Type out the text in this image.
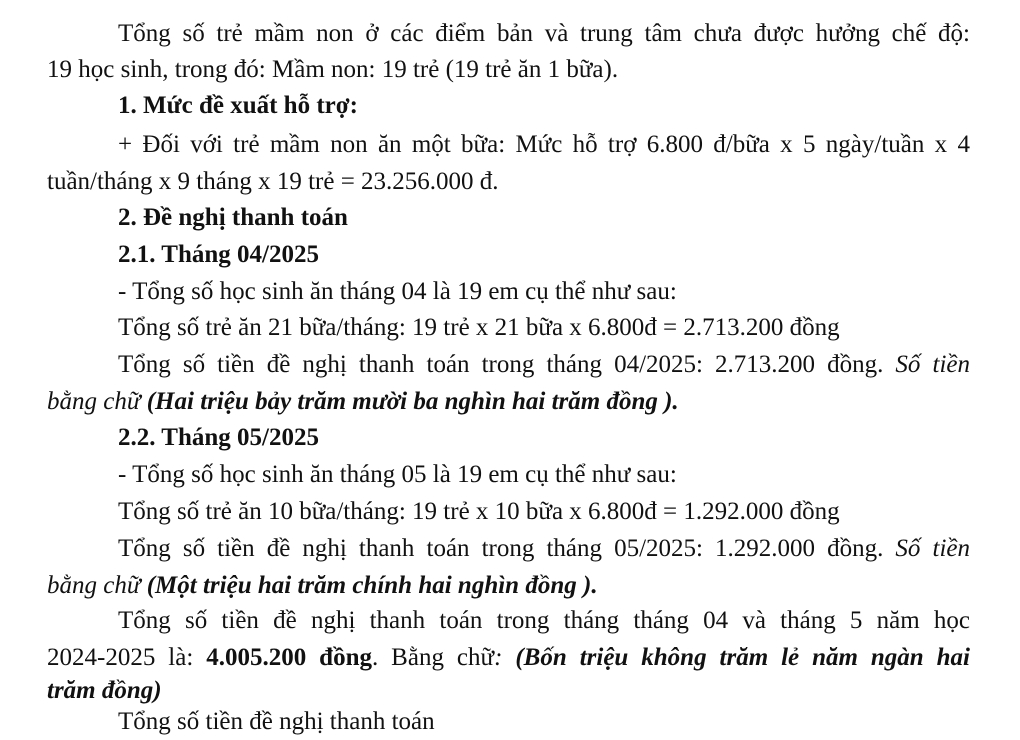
Tổng số trẻ mầm non ở các điểm bản và trung tâm chưa được hưởng chế độ:
19 học sinh, trong đó: Mầm non: 19 trẻ (19 trẻ ăn 1 bữa).
1. Mức đề xuất hỗ trợ:
+ Đối với trẻ mầm non ăn một bữa: Mức hỗ trợ 6.800 đ/bữa x 5 ngày/tuần x 4
tuần/tháng x 9 tháng x 19 trẻ = 23.256.000 đ.
2. Đề nghị thanh toán
2.1. Tháng 04/2025
- Tổng số học sinh ăn tháng 04 là 19 em cụ thể như sau:
Tổng số trẻ ăn 21 bữa/tháng: 19 trẻ x 21 bữa x 6.800đ = 2.713.200 đồng
Tổng số tiền đề nghị thanh toán trong tháng 04/2025: 2.713.200 đồng. Số tiền
bằng chữ (Hai triệu bảy trăm mười ba nghìn hai trăm đồng ).
2.2. Tháng 05/2025
- Tổng số học sinh ăn tháng 05 là 19 em cụ thể như sau:
Tổng số trẻ ăn 10 bữa/tháng: 19 trẻ x 10 bữa x 6.800đ = 1.292.000 đồng
Tổng số tiền đề nghị thanh toán trong tháng 05/2025: 1.292.000 đồng. Số tiền
bằng chữ (Một triệu hai trăm chính hai nghìn đồng ).
Tổng số tiền đề nghị thanh toán trong tháng tháng 04 và tháng 5 năm học
2024-2025 là: 4.005.200 đồng. Bằng chữ: (Bốn triệu không trăm lẻ năm ngàn hai
trăm đồng)
Tổng số tiền đề nghị thanh toán
